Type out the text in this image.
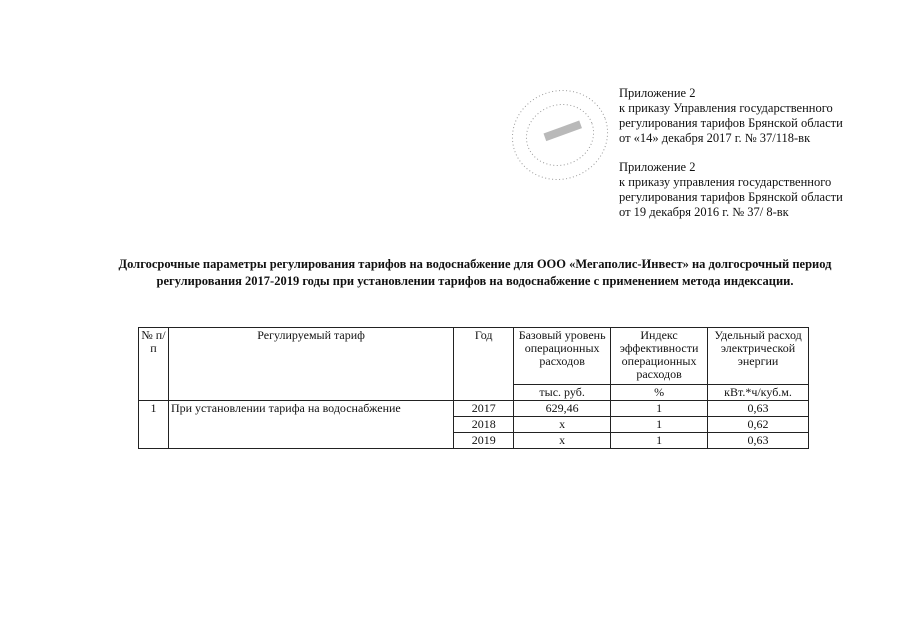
Приложение 2
к приказу Управления государственного
регулирования тарифов Брянской области
от «14» декабря 2017 г. № 37/118-вк
Приложение 2
к приказу управления государственного
регулирования тарифов Брянской области
от 19 декабря 2016 г. № 37/ 8-вк
Долгосрочные параметры регулирования тарифов на водоснабжение для ООО «Мегаполис-Инвест» на долгосрочный период
регулирования 2017-2019 годы при установлении тарифов на водоснабжение с применением метода индексации.
№ п/п	Регулируемый тариф	Год	Базовый уровень операционных расходов	Индекс эффективности операционных расходов	Удельный расход электрической энергии
			тыс. руб.	%	кВт.*ч/куб.м.
1	При установлении тарифа на водоснабжение	2017	629,46	1	0,63
		2018	x	1	0,62
		2019	x	1	0,63
